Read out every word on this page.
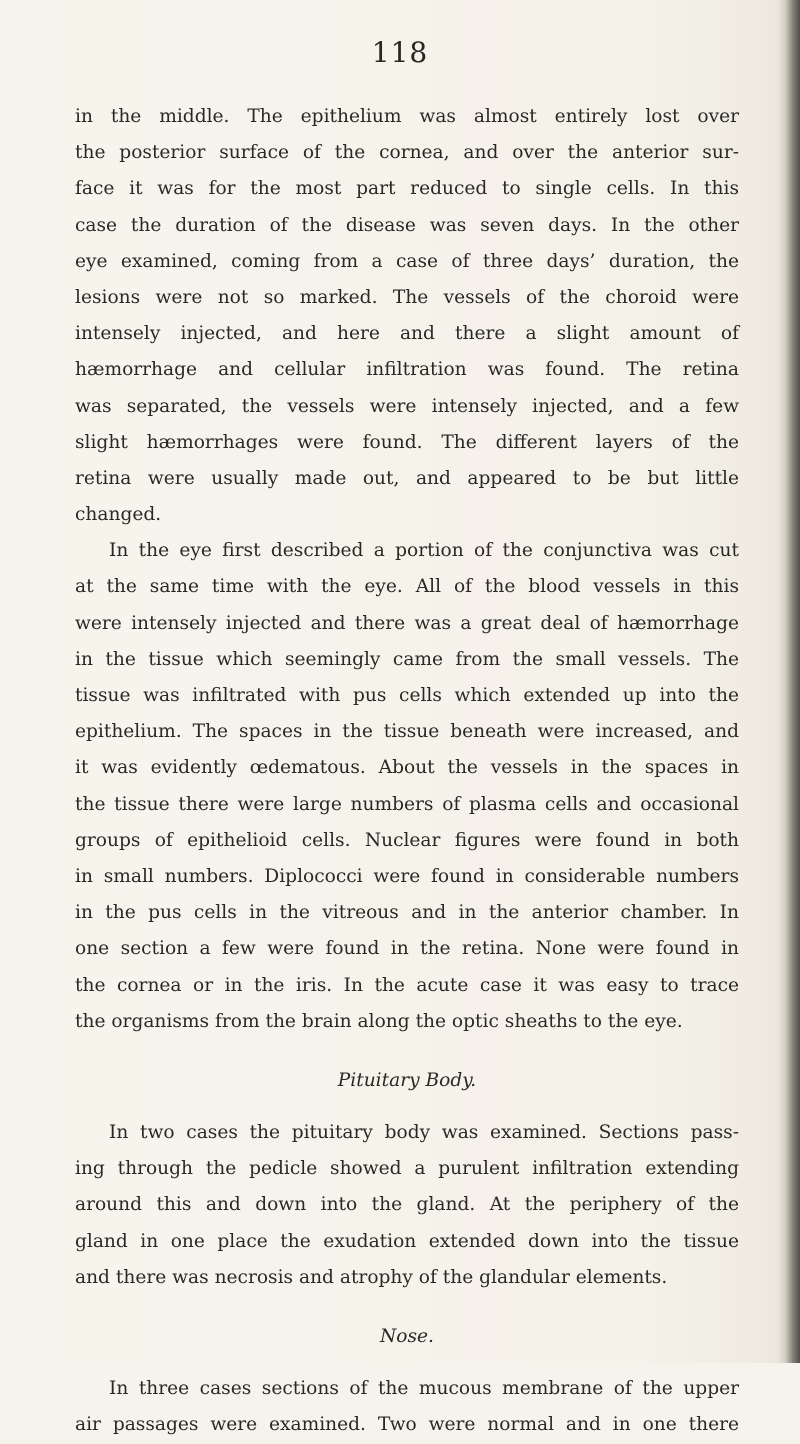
118
in the middle. The epithelium was almost entirely lost over
the posterior surface of the cornea, and over the anterior sur-
face it was for the most part reduced to single cells. In this
case the duration of the disease was seven days. In the other
eye examined, coming from a case of three days’ duration, the
lesions were not so marked. The vessels of the choroid were
intensely injected, and here and there a slight amount of
hæmorrhage and cellular infiltration was found. The retina
was separated, the vessels were intensely injected, and a few
slight hæmorrhages were found. The different layers of the
retina were usually made out, and appeared to be but little
changed.
In the eye first described a portion of the conjunctiva was cut
at the same time with the eye. All of the blood vessels in this
were intensely injected and there was a great deal of hæmorrhage
in the tissue which seemingly came from the small vessels. The
tissue was infiltrated with pus cells which extended up into the
epithelium. The spaces in the tissue beneath were increased, and
it was evidently œdematous. About the vessels in the spaces in
the tissue there were large numbers of plasma cells and occasional
groups of epithelioid cells. Nuclear figures were found in both
in small numbers. Diplococci were found in considerable numbers
in the pus cells in the vitreous and in the anterior chamber. In
one section a few were found in the retina. None were found in
the cornea or in the iris. In the acute case it was easy to trace
the organisms from the brain along the optic sheaths to the eye.
Pituitary Body.
In two cases the pituitary body was examined. Sections pass-
ing through the pedicle showed a purulent infiltration extending
around this and down into the gland. At the periphery of the
gland in one place the exudation extended down into the tissue
and there was necrosis and atrophy of the glandular elements.
Nose.
In three cases sections of the mucous membrane of the upper
air passages were examined. Two were normal and in one there
